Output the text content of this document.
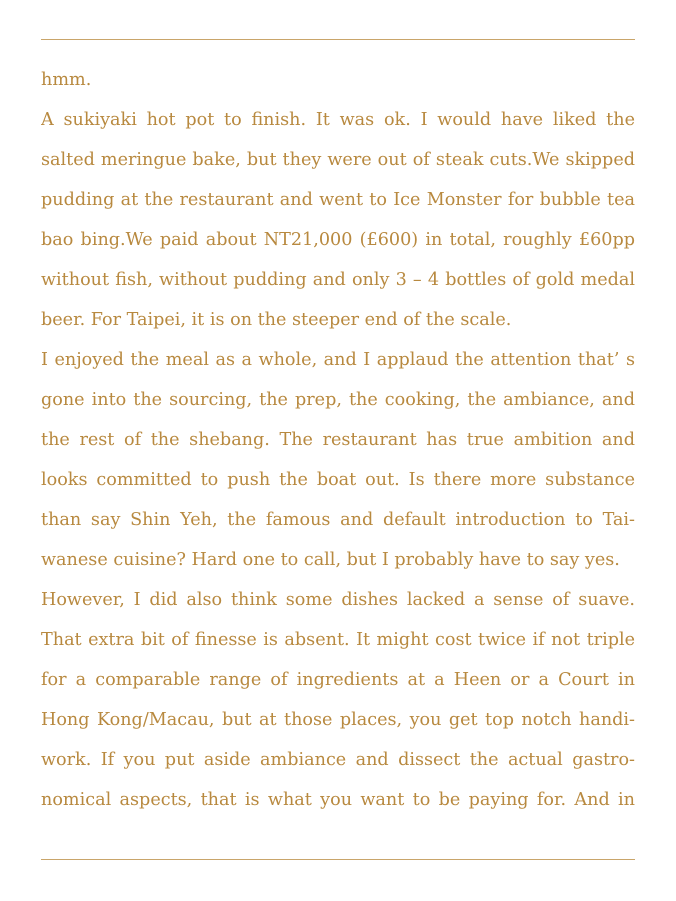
hmm.
A sukiyaki hot pot to finish. It was ok. I would have liked the
salted meringue bake, but they were out of steak cuts.We skipped
pudding at the restaurant and went to Ice Monster for bubble tea
bao bing.We paid about NT21,000 (£600) in total, roughly £60pp
without fish, without pudding and only 3 – 4 bottles of gold medal
beer. For Taipei, it is on the steeper end of the scale.
I enjoyed the meal as a whole, and I applaud the attention that’ s
gone into the sourcing, the prep, the cooking, the ambiance, and
the rest of the shebang. The restaurant has true ambition and
looks committed to push the boat out. Is there more substance
than say Shin Yeh, the famous and default introduction to Tai-
wanese cuisine? Hard one to call, but I probably have to say yes.
However, I did also think some dishes lacked a sense of suave.
That extra bit of finesse is absent. It might cost twice if not triple
for a comparable range of ingredients at a Heen or a Court in
Hong Kong/Macau, but at those places, you get top notch handi-
work. If you put aside ambiance and dissect the actual gastro-
nomical aspects, that is what you want to be paying for. And in
